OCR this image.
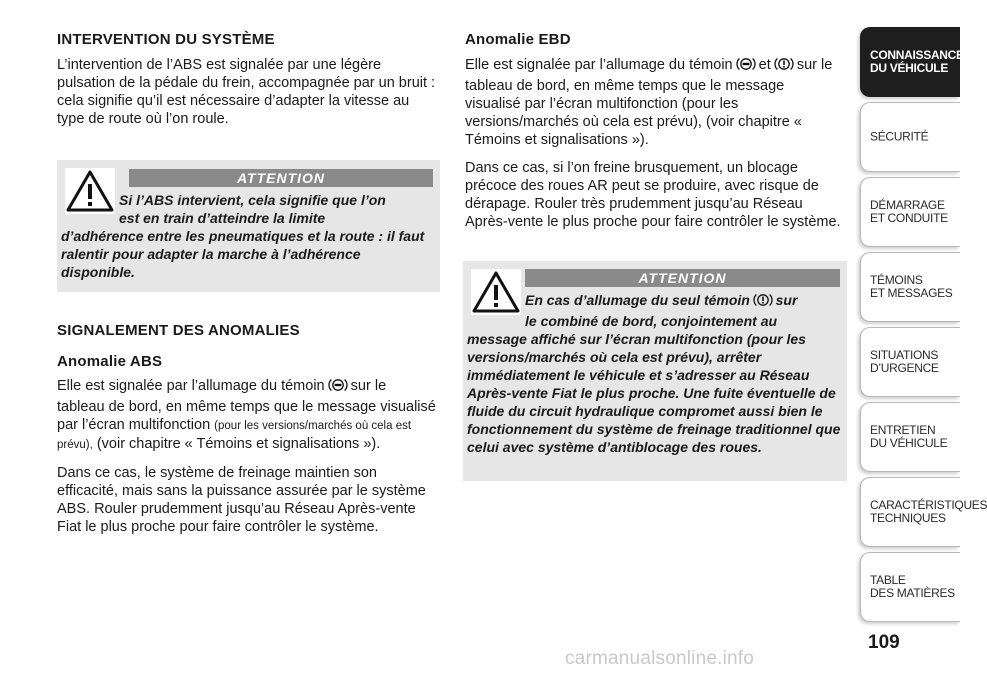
INTERVENTION DU SYSTÈME

L’intervention de l’ABS est signalée par une légère pulsation de la pédale du frein, accompagnée par un bruit : cela signifie qu’il est nécessaire d’adapter la vitesse au type de route où l’on roule.

ATTENTION
Si l’ABS intervient, cela signifie que l’on
est en train d’atteindre la limite
d’adhérence entre les pneumatiques et la route : il faut ralentir pour adapter la marche à l’adhérence disponible.
SIGNALEMENT DES ANOMALIES
Anomalie ABS

Elle est signalée par l’allumage du témoin sur le tableau de bord, en même temps que le message visualisé par l’écran multifonction (pour les versions/marchés où cela est prévu), (voir chapitre « Témoins et signalisations »).

Dans ce cas, le système de freinage maintien son efficacité, mais sans la puissance assurée par le système ABS. Rouler prudemment jusqu’au Réseau Après-vente Fiat le plus proche pour faire contrôler le système.

Anomalie EBD

Elle est signalée par l’allumage du témoin et sur le tableau de bord, en même temps que le message visualisé par l’écran multifonction (pour les versions/marchés où cela est prévu), (voir chapitre « Témoins et signalisations »).

Dans ce cas, si l’on freine brusquement, un blocage précoce des roues AR peut se produire, avec risque de dérapage. Rouler très prudemment jusqu’au Réseau Après-vente le plus proche pour faire contrôler le système.

ATTENTION
En cas d’allumage du seul témoin sur
le combiné de bord, conjointement au
message affiché sur l’écran multifonction (pour les versions/marchés où cela est prévu), arrêter immédiatement le véhicule et s’adresser au Réseau Après-vente Fiat le plus proche. Une fuite éventuelle de fluide du circuit hydraulique compromet aussi bien le fonctionnement du système de freinage traditionnel que celui avec système d’antiblocage des roues.
CONNAISSANCE
DU VÉHICULE
SÉCURITÉ
DÉMARRAGE
ET CONDUITE
TÉMOINS
ET MESSAGES
SITUATIONS
D’URGENCE
ENTRETIEN
DU VÉHICULE
CARACTÉRISTIQUES
TECHNIQUES
TABLE
DES MATIÈRES
109
carmanualsonline.info
